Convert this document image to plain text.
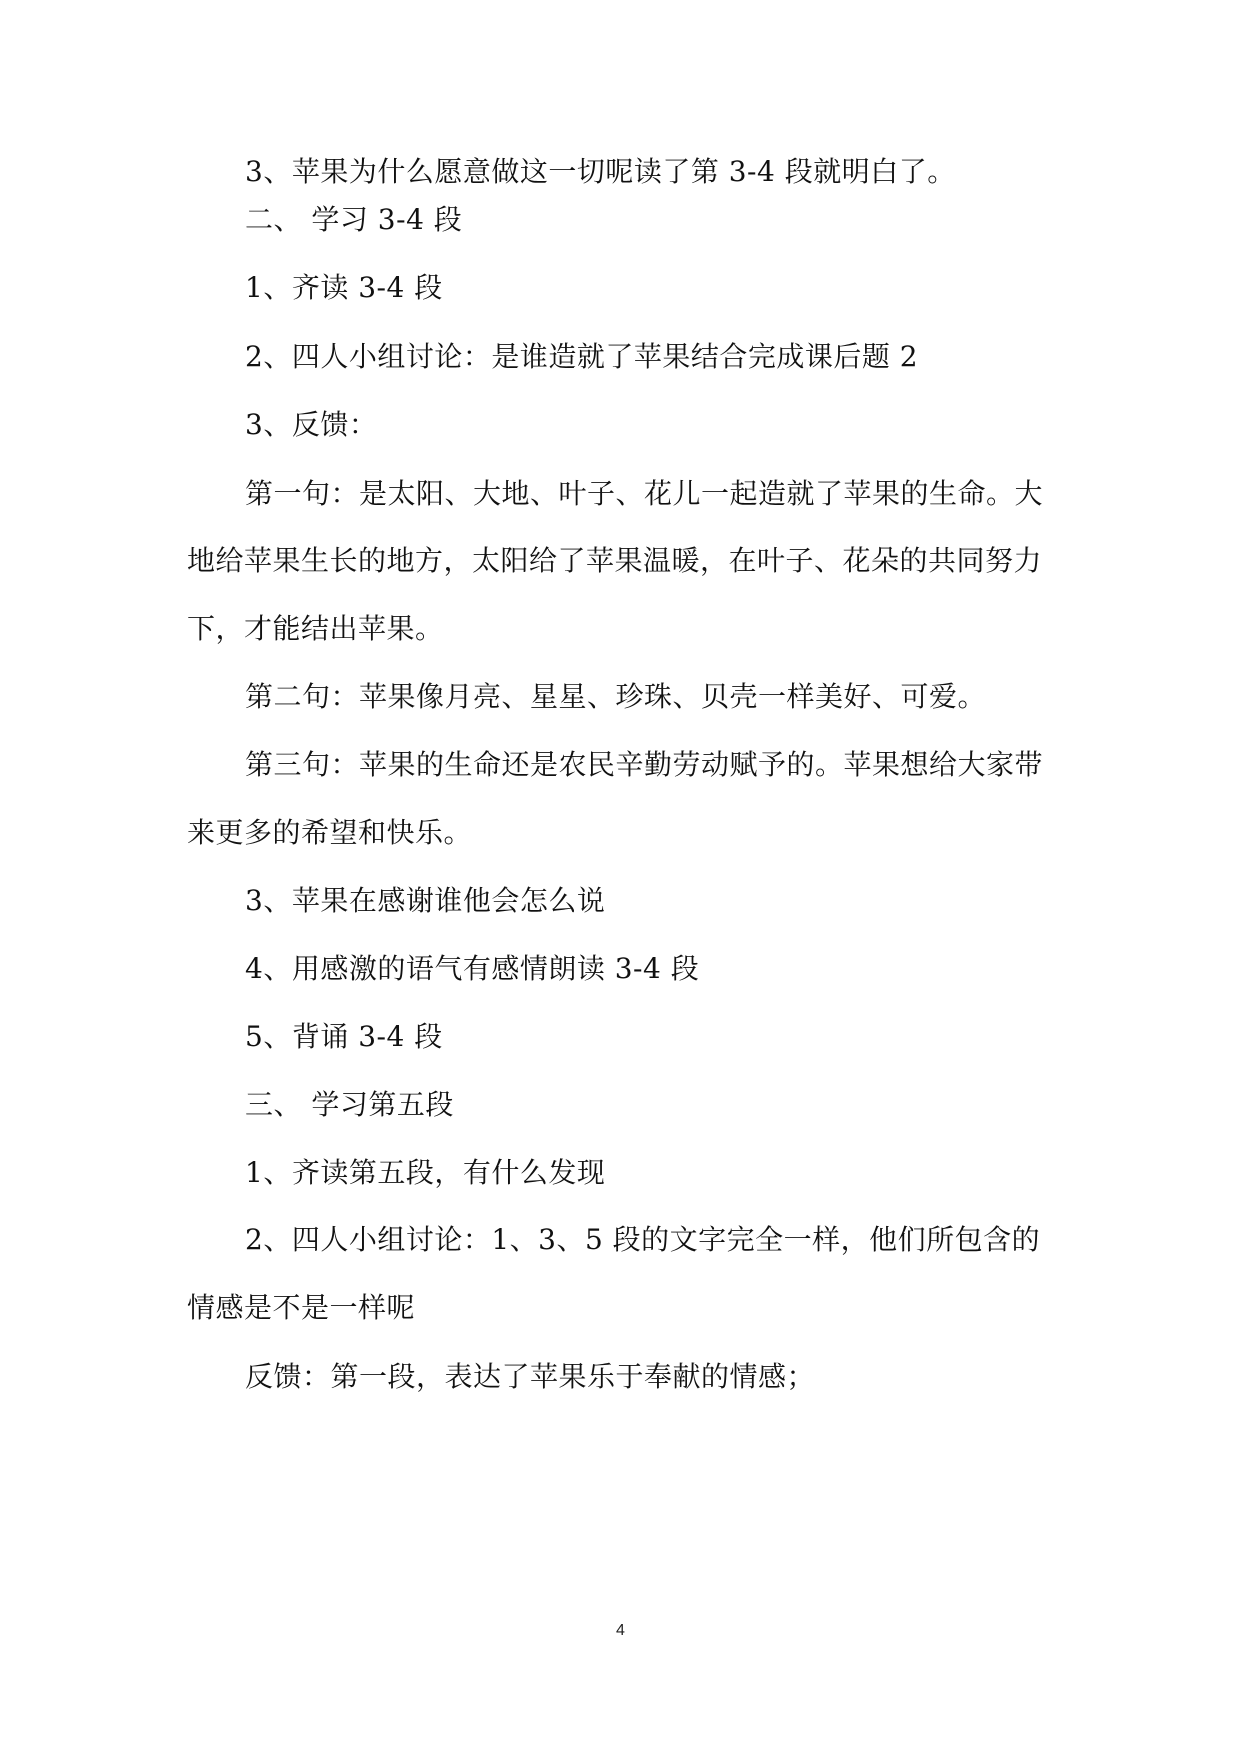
3、苹果为什么愿意做这一切呢读了第 3-4 段就明白了。
二、 学习 3-4 段
1、齐读 3-4 段
2、四人小组讨论：是谁造就了苹果结合完成课后题 2
3、反馈：
第一句：是太阳、大地、叶子、花儿一起造就了苹果的生命。大
地给苹果生长的地方，太阳给了苹果温暖，在叶子、花朵的共同努力
下，才能结出苹果。
第二句：苹果像月亮、星星、珍珠、贝壳一样美好、可爱。
第三句：苹果的生命还是农民辛勤劳动赋予的。苹果想给大家带
来更多的希望和快乐。
3、苹果在感谢谁他会怎么说
4、用感激的语气有感情朗读 3-4 段
5、背诵 3-4 段
三、 学习第五段
1、齐读第五段，有什么发现
2、四人小组讨论：1、3、5 段的文字完全一样，他们所包含的
情感是不是一样呢
反馈：第一段，表达了苹果乐于奉献的情感；
4
